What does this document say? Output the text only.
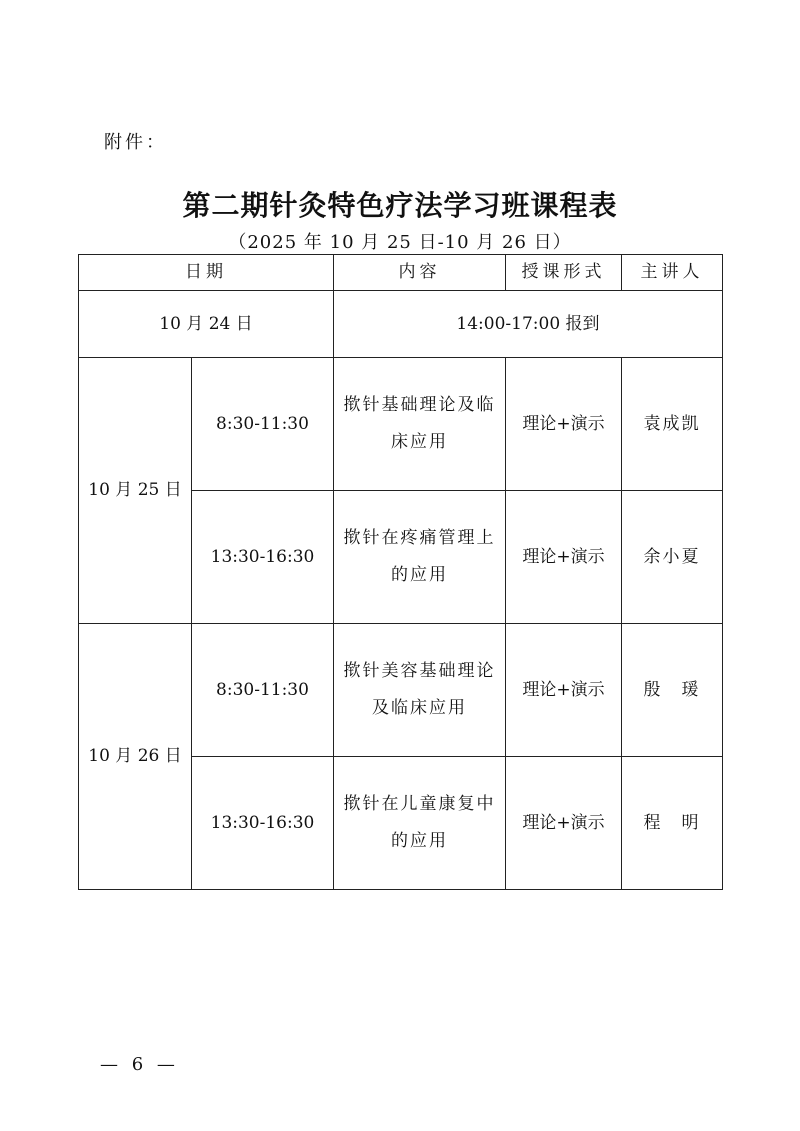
附件：
第二期针灸特色疗法学习班课程表
（2025 年 10 月 25 日-10 月 26 日）
日期		内容	授课形式	主讲人
10 月 24 日		14:00-17:00 报到		
10 月 25 日	8:30-11:30	揿针基础理论及临床应用	理论+演示	袁成凯
	13:30-16:30	揿针在疼痛管理上的应用	理论+演示	余小夏
10 月 26 日	8:30-11:30	揿针美容基础理论及临床应用	理论+演示	殷　瑗
	13:30-16:30	揿针在儿童康复中的应用	理论+演示	程　明
— 6 —
